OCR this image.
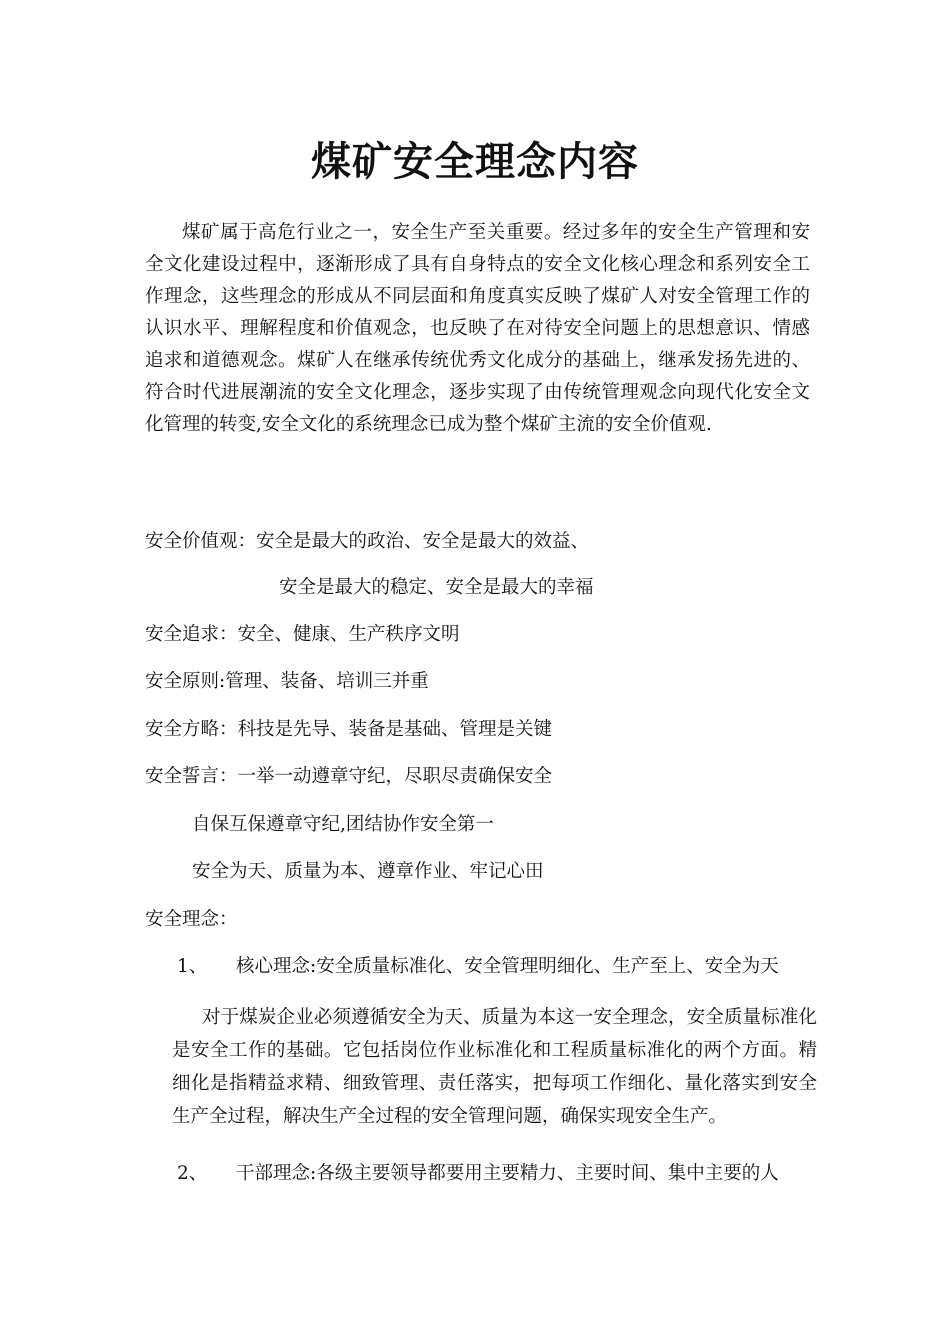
煤矿安全理念内容

煤矿属于高危行业之一，安全生产至关重要。经过多年的安全生产管理和安全文化建设过程中，逐渐形成了具有自身特点的安全文化核心理念和系列安全工作理念，这些理念的形成从不同层面和角度真实反映了煤矿人对安全管理工作的认识水平、理解程度和价值观念，也反映了在对待安全问题上的思想意识、情感追求和道德观念。煤矿人在继承传统优秀文化成分的基础上，继承发扬先进的、符合时代进展潮流的安全文化理念，逐步实现了由传统管理观念向现代化安全文化管理的转变,安全文化的系统理念已成为整个煤矿主流的安全价值观.

安全价值观：安全是最大的政治、安全是最大的效益、

安全是最大的稳定、安全是最大的幸福

安全追求：安全、健康、生产秩序文明

安全原则:管理、装备、培训三并重

安全方略：科技是先导、装备是基础、管理是关键

安全誓言：一举一动遵章守纪，尽职尽责确保安全

自保互保遵章守纪,团结协作安全第一

安全为天、质量为本、遵章作业、牢记心田

安全理念：

1、 核心理念:安全质量标准化、安全管理明细化、生产至上、安全为天

对于煤炭企业必须遵循安全为天、质量为本这一安全理念，安全质量标准化是安全工作的基础。它包括岗位作业标准化和工程质量标准化的两个方面。精细化是指精益求精、细致管理、责任落实，把每项工作细化、量化落实到安全生产全过程，解决生产全过程的安全管理问题，确保实现安全生产。

2、 干部理念:各级主要领导都要用主要精力、主要时间、集中主要的人
